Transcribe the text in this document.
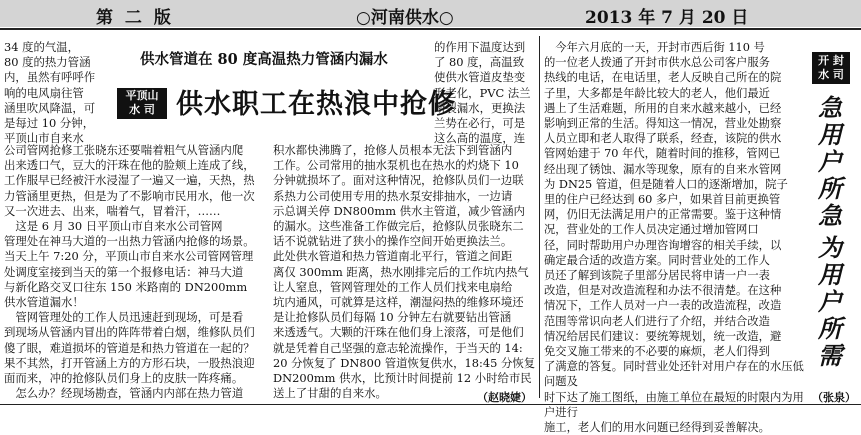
第 二 版	○河南供水○	2013 年 7 月 20 日
供水管道在 80 度高温热力管涵内漏水
平顶山
水 司 供水职工在热浪中抢修

34 度的气温，
80 度的热力管涵
内，虽然有呼呼作
响的电风扇往管
涵里吹风降温，可
是每过 10 分钟，
平顶山市自来水

的作用下温度达到
了 80 度，高温致
使供水管道皮垫变
形老化，PVC 法兰
断裂漏水，更换法
兰势在必行，可是
这么高的温度，连

公司管网抢修工张晓东还要喘着粗气从管涵内爬
出来透口气，豆大的汗珠在他的脸颊上连成了线，
工作服早已经被汗水浸湿了一遍又一遍，天热，热
力管涵里更热，但是为了不影响市民用水，他一次
又一次进去、出来，喘着气，冒着汗，……
　这是 6 月 30 日平顶山市自来水公司管网
管理处在神马大道的一出热力管涵内抢修的场景。
当天上午 7:20 分，平顶山市自来水公司管网管理
处调度室接到当天的第一个报修电话：神马大道
与新化路交叉口往东 150 米路南的 DN200mm
供水管道漏水！
　管网管理处的工作人员迅速赶到现场，可是看
到现场从管涵内冒出的阵阵带着白烟，维修队员们
傻了眼，难道损坏的管道是和热力管道在一起的？
果不其然，打开管涵上方的方形石块，一股热浪迎
面而来，冲的抢修队员们身上的皮肤一阵疼痛。
　怎么办？经现场勘查，管涵内内部在热力管道

积水都快沸腾了，抢修人员根本无法下到管涵内
工作。公司常用的抽水泵机也在热水的灼烧下 10
分钟就损坏了。面对这种情况，抢修队员们一边联
系热力公司使用专用的热水泵安排抽水，一边请
示总调关停 DN800mm 供水主管道，减少管涵内
的漏水。这些准备工作做完后，抢修队员张晓东二
话不说就钻进了狭小的操作空间开始更换法兰。
此处供水管道和热力管道南北平行，管道之间距
离仅 300mm 距离，热水刚排完后的工作坑内热气
让人窒息，管网管理处的工作人员们找来电扇给
坑内通风，可就算是这样，潮湿闷热的维修环境还
是让抢修队员们每隔 10 分钟左右就要钻出管涵
来透透气。大颗的汗珠在他们身上滚落，可是他们
就是凭着自己坚强的意志轮流操作，于当天的 14:
20 分恢复了 DN800 管道恢复供水，18:45 分恢复
DN200mm 供水，比预计时间提前 12 小时给市民
送上了甘甜的自来水。	（赵晓婕）

　今年六月底的一天，开封市西后街 110 号
的一位老人拨通了开封市供水总公司客户服务
热线的电话，在电话里，老人反映自己所在的院
子里，大多都是年龄比较大的老人，他们最近
遇上了生活难题，所用的自来水越来越小，已经
影响到正常的生活。得知这一情况，营业处勘察
人员立即和老人取得了联系，经查，该院的供水
管网始建于 70 年代，随着时间的推移，管网已
经出现了锈蚀、漏水等现象，原有的自来水管网
为 DN25 管道，但是随着人口的逐渐增加，院子
里的住户已经达到 60 多户，如果首目前更换管
网，仍旧无法满足用户的正常需要。鉴于这种情
况，营业处的工作人员决定通过增加管网口
径，同时帮助用户办理咨询增容的相关手续，以
确定最合适的改造方案。同时营业处的工作人
员还了解到该院子里部分居民将申请一户一表
改造，但是对改造流程和办法不很清楚。在这种
情况下，工作人员对一户一表的改造流程，改造
范围等常识向老人们进行了介绍，并结合改造
情况给居民们建议：要统筹规划，统一改造，避
免交叉施工带来的不必要的麻烦，老人们得到
了满意的答复。同时营业处还针对用户存在的水压低问题及
时下达了施工图纸，由施工单位在最短的时限内为用户进行
施工，老人们的用水问题已经得到妥善解决。

开 封
水 司
急用户所急
为用户所需
（张泉）
